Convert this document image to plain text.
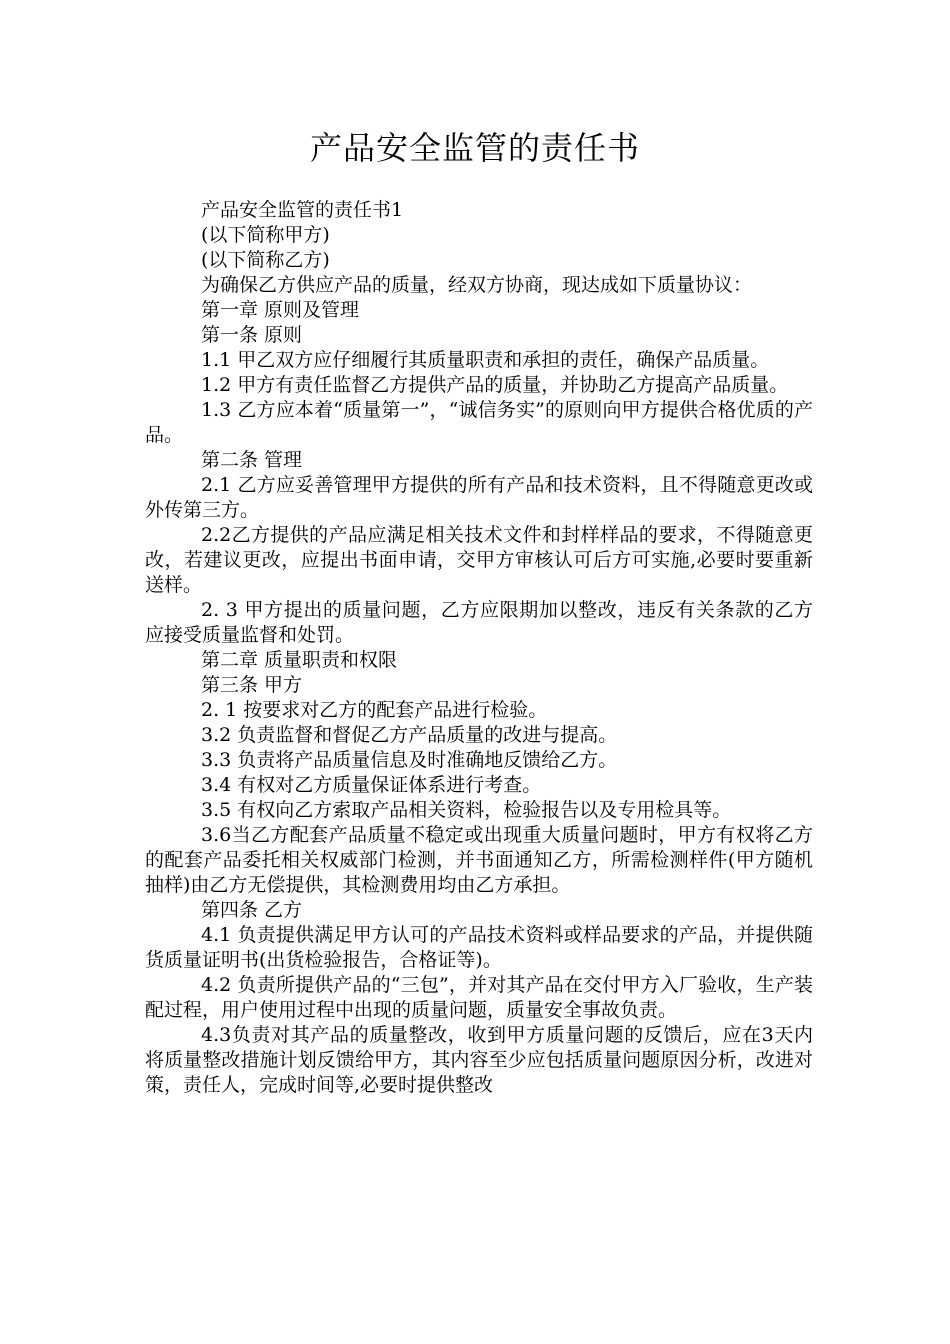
产品安全监管的责任书

产品安全监管的责任书1

(以下简称甲方)

(以下简称乙方)

为确保乙方供应产品的质量，经双方协商，现达成如下质量协议：

第一章 原则及管理

第一条 原则

1.1 甲乙双方应仔细履行其质量职责和承担的责任，确保产品质量。

1.2 甲方有责任监督乙方提供产品的质量，并协助乙方提高产品质量。

1.3 乙方应本着“质量第一”，“诚信务实”的原则向甲方提供合格优质的产品。

第二条 管理

2.1 乙方应妥善管理甲方提供的所有产品和技术资料，且不得随意更改或外传第三方。

2.2乙方提供的产品应满足相关技术文件和封样样品的要求，不得随意更改，若建议更改，应提出书面申请，交甲方审核认可后方可实施,必要时要重新送样。

2. 3 甲方提出的质量问题，乙方应限期加以整改，违反有关条款的乙方应接受质量监督和处罚。

第二章 质量职责和权限

第三条 甲方

2. 1 按要求对乙方的配套产品进行检验。

3.2 负责监督和督促乙方产品质量的改进与提高。

3.3 负责将产品质量信息及时准确地反馈给乙方。

3.4 有权对乙方质量保证体系进行考查。

3.5 有权向乙方索取产品相关资料，检验报告以及专用检具等。

3.6当乙方配套产品质量不稳定或出现重大质量问题时，甲方有权将乙方的配套产品委托相关权威部门检测，并书面通知乙方，所需检测样件(甲方随机抽样)由乙方无偿提供，其检测费用均由乙方承担。

第四条 乙方

4.1 负责提供满足甲方认可的产品技术资料或样品要求的产品，并提供随货质量证明书(出货检验报告，合格证等)。

4.2 负责所提供产品的“三包”，并对其产品在交付甲方入厂验收，生产装配过程，用户使用过程中出现的质量问题，质量安全事故负责。

4.3负责对其产品的质量整改，收到甲方质量问题的反馈后，应在3天内将质量整改措施计划反馈给甲方，其内容至少应包括质量问题原因分析，改进对策，责任人，完成时间等,必要时提供整改
